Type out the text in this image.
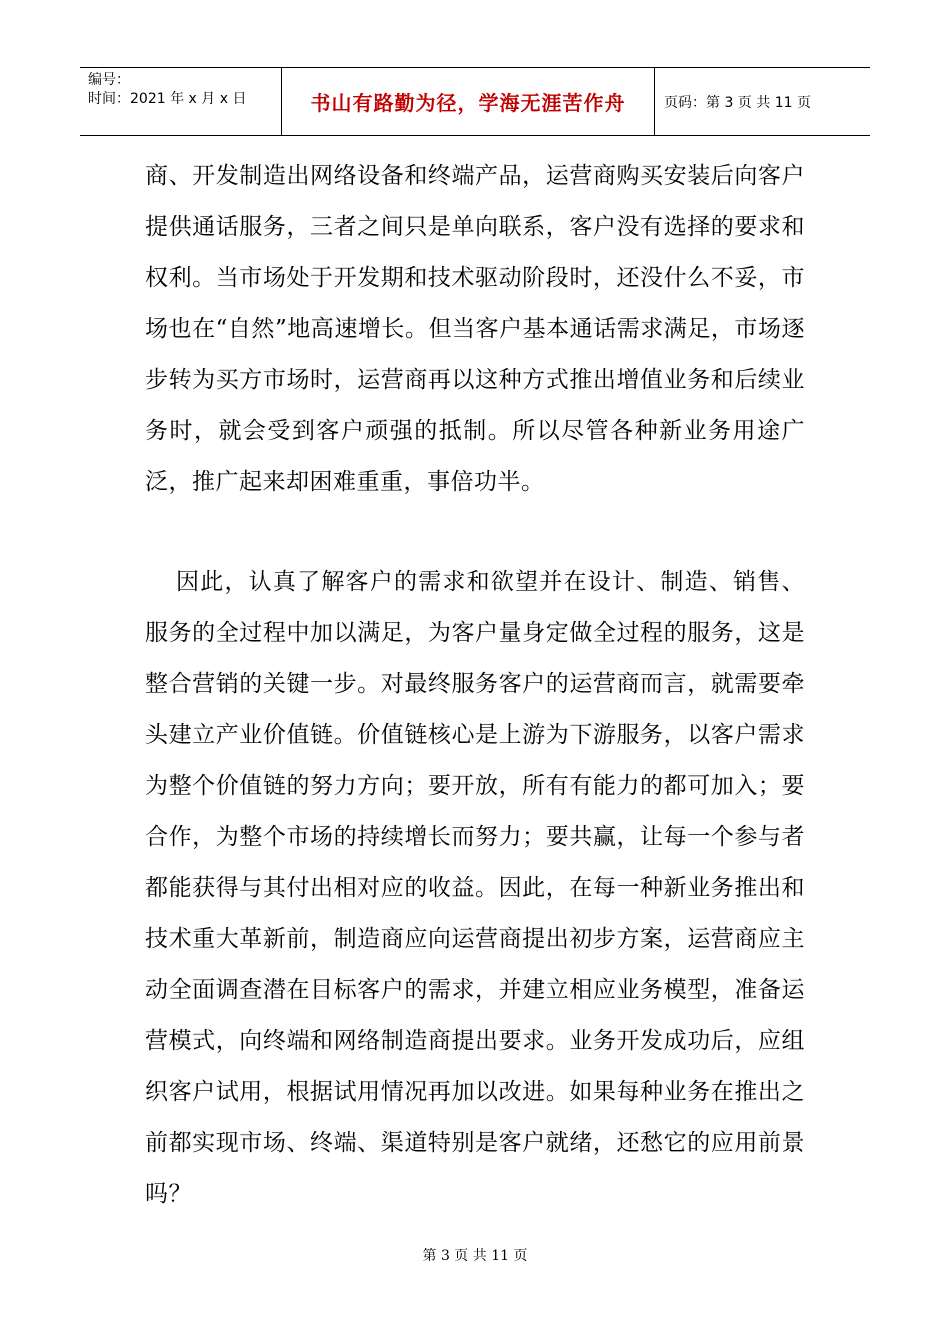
编号：
时间：2021 年 x 月 x 日	书山有路勤为径，学海无涯苦作舟	页码：第 3 页 共 11 页

商、开发制造出网络设备和终端产品，运营商购买安装后向客户提供通话服务，三者之间只是单向联系，客户没有选择的要求和权利。当市场处于开发期和技术驱动阶段时，还没什么不妥，市场也在“自然”地高速增长。但当客户基本通话需求满足，市场逐步转为买方市场时，运营商再以这种方式推出增值业务和后续业务时，就会受到客户顽强的抵制。所以尽管各种新业务用途广泛，推广起来却困难重重，事倍功半。

因此，认真了解客户的需求和欲望并在设计、制造、销售、服务的全过程中加以满足，为客户量身定做全过程的服务，这是整合营销的关键一步。对最终服务客户的运营商而言，就需要牵头建立产业价值链。价值链核心是上游为下游服务，以客户需求为整个价值链的努力方向；要开放，所有有能力的都可加入；要合作，为整个市场的持续增长而努力；要共赢，让每一个参与者都能获得与其付出相对应的收益。因此，在每一种新业务推出和技术重大革新前，制造商应向运营商提出初步方案，运营商应主动全面调查潜在目标客户的需求，并建立相应业务模型，准备运营模式，向终端和网络制造商提出要求。业务开发成功后，应组织客户试用，根据试用情况再加以改进。如果每种业务在推出之前都实现市场、终端、渠道特别是客户就绪，还愁它的应用前景吗？

第 3 页 共 11 页
